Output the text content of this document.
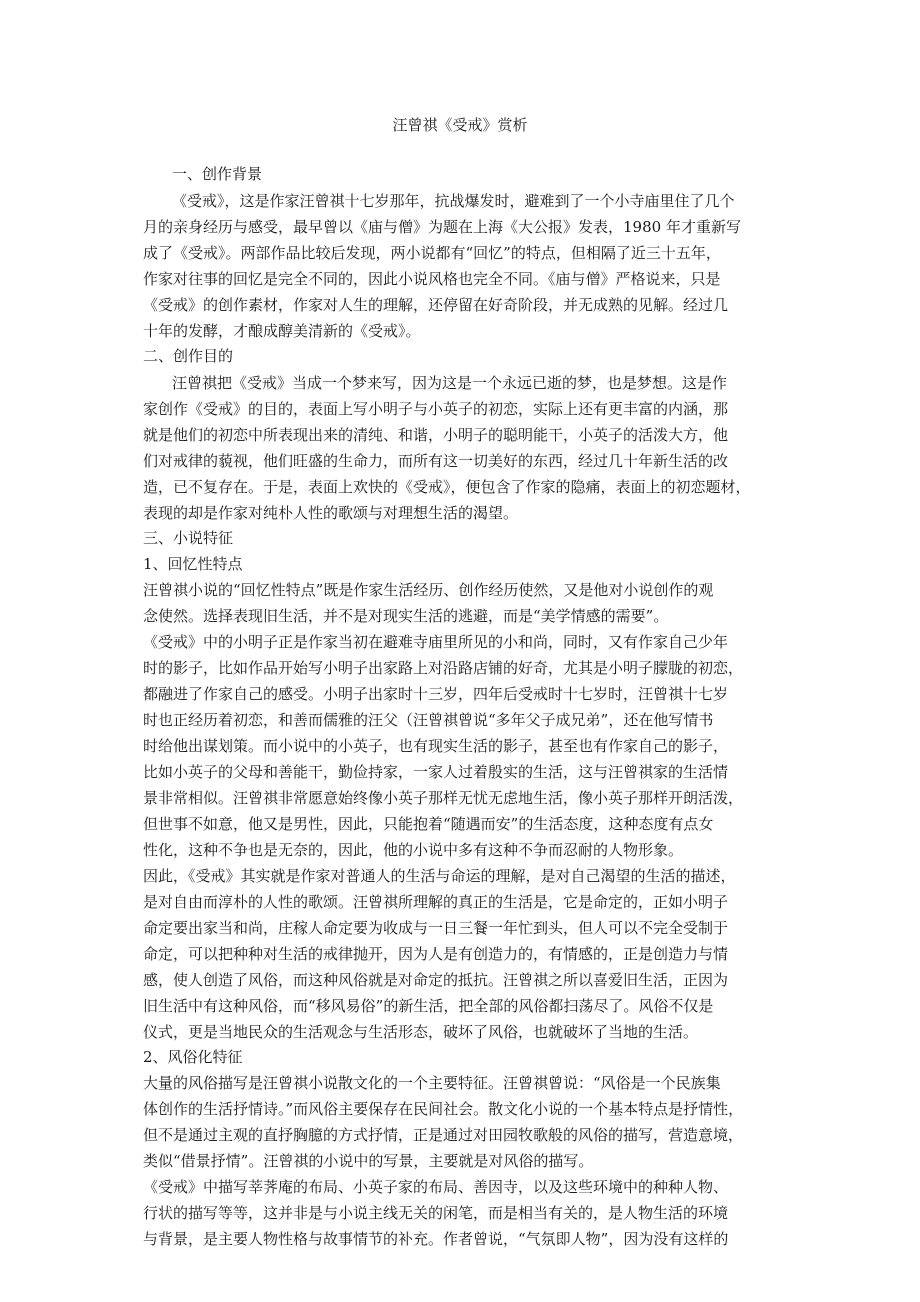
汪曾祺《受戒》赏析
一、创作背景
《受戒》，这是作家汪曾祺十七岁那年，抗战爆发时，避难到了一个小寺庙里住了几个
月的亲身经历与感受，最早曾以《庙与僧》为题在上海《大公报》发表，1980 年才重新写
成了《受戒》。两部作品比较后发现，两小说都有“回忆”的特点，但相隔了近三十五年，
作家对往事的回忆是完全不同的，因此小说风格也完全不同。《庙与僧》严格说来，只是
《受戒》的创作素材，作家对人生的理解，还停留在好奇阶段，并无成熟的见解。经过几
十年的发酵，才酿成醇美清新的《受戒》。
二、创作目的
汪曾祺把《受戒》当成一个梦来写，因为这是一个永远已逝的梦，也是梦想。这是作
家创作《受戒》的目的，表面上写小明子与小英子的初恋，实际上还有更丰富的内涵，那
就是他们的初恋中所表现出来的清纯、和谐，小明子的聪明能干，小英子的活泼大方，他
们对戒律的藐视，他们旺盛的生命力，而所有这一切美好的东西，经过几十年新生活的改
造，已不复存在。于是，表面上欢快的《受戒》，便包含了作家的隐痛，表面上的初恋题材，
表现的却是作家对纯朴人性的歌颂与对理想生活的渴望。
三、小说特征
1、回忆性特点
汪曾祺小说的“回忆性特点”既是作家生活经历、创作经历使然，又是他对小说创作的观
念使然。选择表现旧生活，并不是对现实生活的逃避，而是“美学情感的需要”。
《受戒》中的小明子正是作家当初在避难寺庙里所见的小和尚，同时，又有作家自己少年
时的影子，比如作品开始写小明子出家路上对沿路店铺的好奇，尤其是小明子朦胧的初恋，
都融进了作家自己的感受。小明子出家时十三岁，四年后受戒时十七岁时，汪曾祺十七岁
时也正经历着初恋，和善而儒雅的汪父（汪曾祺曾说“多年父子成兄弟”，还在他写情书
时给他出谋划策。而小说中的小英子，也有现实生活的影子，甚至也有作家自己的影子，
比如小英子的父母和善能干，勤俭持家，一家人过着殷实的生活，这与汪曾祺家的生活情
景非常相似。汪曾祺非常愿意始终像小英子那样无忧无虑地生活，像小英子那样开朗活泼，
但世事不如意，他又是男性，因此，只能抱着“随遇而安”的生活态度，这种态度有点女
性化，这种不争也是无奈的，因此，他的小说中多有这种不争而忍耐的人物形象。
因此，《受戒》其实就是作家对普通人的生活与命运的理解，是对自己渴望的生活的描述，
是对自由而淳朴的人性的歌颂。汪曾祺所理解的真正的生活是，它是命定的，正如小明子
命定要出家当和尚，庄稼人命定要为收成与一日三餐一年忙到头，但人可以不完全受制于
命定，可以把种种对生活的戒律抛开，因为人是有创造力的，有情感的，正是创造力与情
感，使人创造了风俗，而这种风俗就是对命定的抵抗。汪曾祺之所以喜爱旧生活，正因为
旧生活中有这种风俗，而“移风易俗”的新生活，把全部的风俗都扫荡尽了。风俗不仅是
仪式，更是当地民众的生活观念与生活形态，破坏了风俗，也就破坏了当地的生活。
2、风俗化特征
大量的风俗描写是汪曾祺小说散文化的一个主要特征。汪曾祺曾说：“风俗是一个民族集
体创作的生活抒情诗。”而风俗主要保存在民间社会。散文化小说的一个基本特点是抒情性，
但不是通过主观的直抒胸臆的方式抒情，正是通过对田园牧歌般的风俗的描写，营造意境，
类似“借景抒情”。汪曾祺的小说中的写景，主要就是对风俗的描写。
《受戒》中描写莘荠庵的布局、小英子家的布局、善因寺，以及这些环境中的种种人物、
行状的描写等等，这并非是与小说主线无关的闲笔，而是相当有关的，是人物生活的环境
与背景，是主要人物性格与故事情节的补充。作者曾说，“气氛即人物”，因为没有这样的
